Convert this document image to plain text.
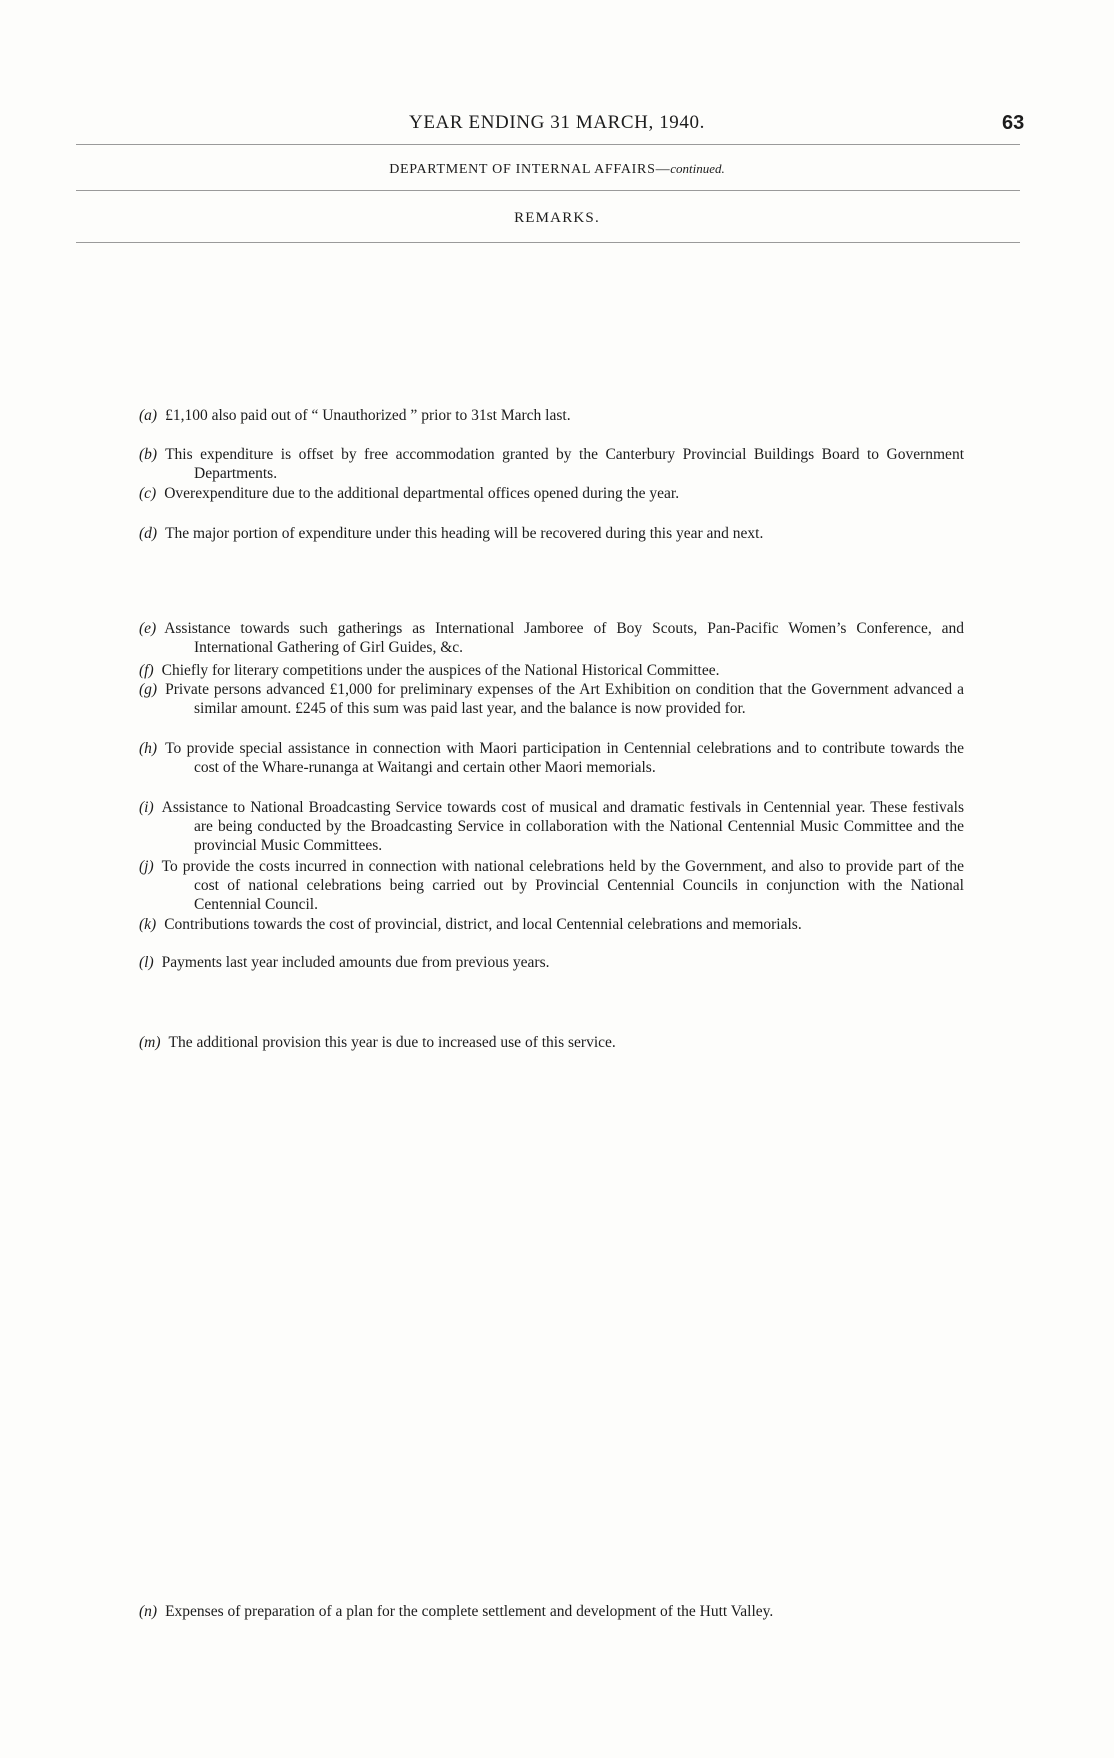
YEAR ENDING 31 MARCH, 1940.	63
DEPARTMENT OF INTERNAL AFFAIRS—continued.
REMARKS.
(a) £1,100 also paid out of “ Unauthorized ” prior to 31st March last.
(b) This expenditure is offset by free accommodation granted by the Canterbury Provincial Buildings Board to Government Departments.
(c) Overexpenditure due to the additional departmental offices opened during the year.
(d) The major portion of expenditure under this heading will be recovered during this year and next.
(e) Assistance towards such gatherings as International Jamboree of Boy Scouts, Pan-Pacific Women’s Conference, and International Gathering of Girl Guides, &c.
(f) Chiefly for literary competitions under the auspices of the National Historical Committee.
(g) Private persons advanced £1,000 for preliminary expenses of the Art Exhibition on condition that the Government advanced a similar amount. £245 of this sum was paid last year, and the balance is now provided for.
(h) To provide special assistance in connection with Maori participation in Centennial celebrations and to contribute towards the cost of the Whare-runanga at Waitangi and certain other Maori memorials.
(i) Assistance to National Broadcasting Service towards cost of musical and dramatic festivals in Centennial year. These festivals are being conducted by the Broadcasting Service in collaboration with the National Centennial Music Committee and the provincial Music Committees.
(j) To provide the costs incurred in connection with national celebrations held by the Government, and also to provide part of the cost of national celebrations being carried out by Provincial Centennial Councils in conjunction with the National Centennial Council.
(k) Contributions towards the cost of provincial, district, and local Centennial celebrations and memorials.
(l) Payments last year included amounts due from previous years.
(m) The additional provision this year is due to increased use of this service.
(n) Expenses of preparation of a plan for the complete settlement and development of the Hutt Valley.
